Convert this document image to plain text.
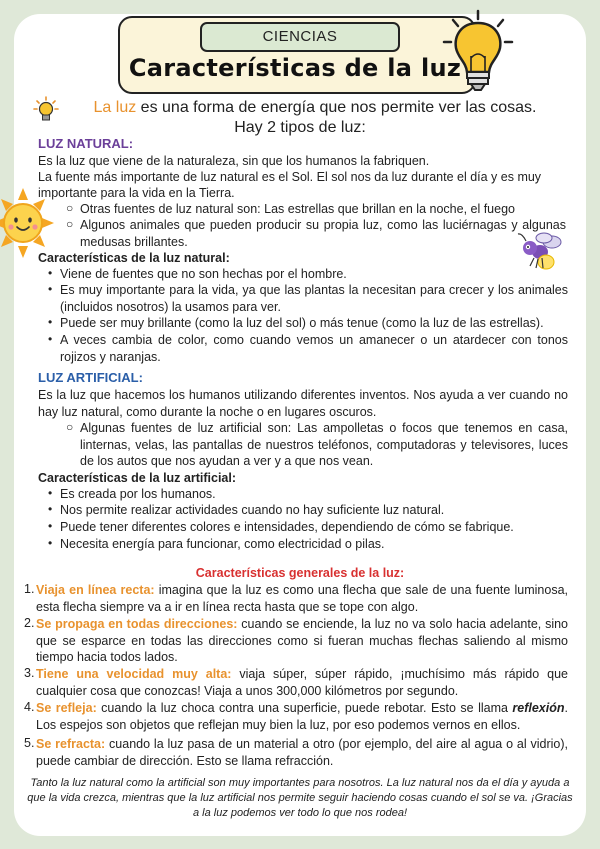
CIENCIAS
Características de la luz
La luz es una forma de energía que nos permite ver las cosas.
Hay 2 tipos de luz:
LUZ NATURAL:
Es la luz que viene de la naturaleza, sin que los humanos la fabriquen.
La fuente más importante de luz natural es el Sol. El sol nos da luz durante el día y es muy
importante para la vida en la Tierra.
○ Otras fuentes de luz natural son: Las estrellas que brillan en la noche, el fuego
○ Algunos animales que pueden producir su propia luz, como las luciérnagas y algunas medusas brillantes.
Características de la luz natural:
• Viene de fuentes que no son hechas por el hombre.
• Es muy importante para la vida, ya que las plantas la necesitan para crecer y los animales (incluidos nosotros) la usamos para ver.
• Puede ser muy brillante (como la luz del sol) o más tenue (como la luz de las estrellas).
• A veces cambia de color, como cuando vemos un amanecer o un atardecer con tonos rojizos y naranjas.
LUZ ARTIFICIAL:
Es la luz que hacemos los humanos utilizando diferentes inventos. Nos ayuda a ver cuando no hay luz natural, como durante la noche o en lugares oscuros.
○ Algunas fuentes de luz artificial son: Las ampolletas o focos que tenemos en casa, linternas, velas, las pantallas de nuestros teléfonos, computadoras y televisores, luces de los autos que nos ayudan a ver y a que nos vean.
Características de la luz artificial:
• Es creada por los humanos.
• Nos permite realizar actividades cuando no hay suficiente luz natural.
• Puede tener diferentes colores e intensidades, dependiendo de cómo se fabrique.
• Necesita energía para funcionar, como electricidad o pilas.
Características generales de la luz:
1. Viaja en línea recta: imagina que la luz es como una flecha que sale de una fuente luminosa, esta flecha siempre va a ir en línea recta hasta que se tope con algo.
2. Se propaga en todas direcciones: cuando se enciende, la luz no va solo hacia adelante, sino que se esparce en todas las direcciones como si fueran muchas flechas saliendo al mismo tiempo hacia todos lados.
3. Tiene una velocidad muy alta: viaja súper, súper rápido, ¡muchísimo más rápido que cualquier cosa que conozcas! Viaja a unos 300,000 kilómetros por segundo.
4. Se refleja: cuando la luz choca contra una superficie, puede rebotar. Esto se llama reflexión. Los espejos son objetos que reflejan muy bien la luz, por eso podemos vernos en ellos.
5. Se refracta: cuando la luz pasa de un material a otro (por ejemplo, del aire al agua o al vidrio), puede cambiar de dirección. Esto se llama refracción.
Tanto la luz natural como la artificial son muy importantes para nosotros. La luz natural nos da el día y ayuda a que la vida crezca, mientras que la luz artificial nos permite seguir haciendo cosas cuando el sol se va. ¡Gracias a la luz podemos ver todo lo que nos rodea!
